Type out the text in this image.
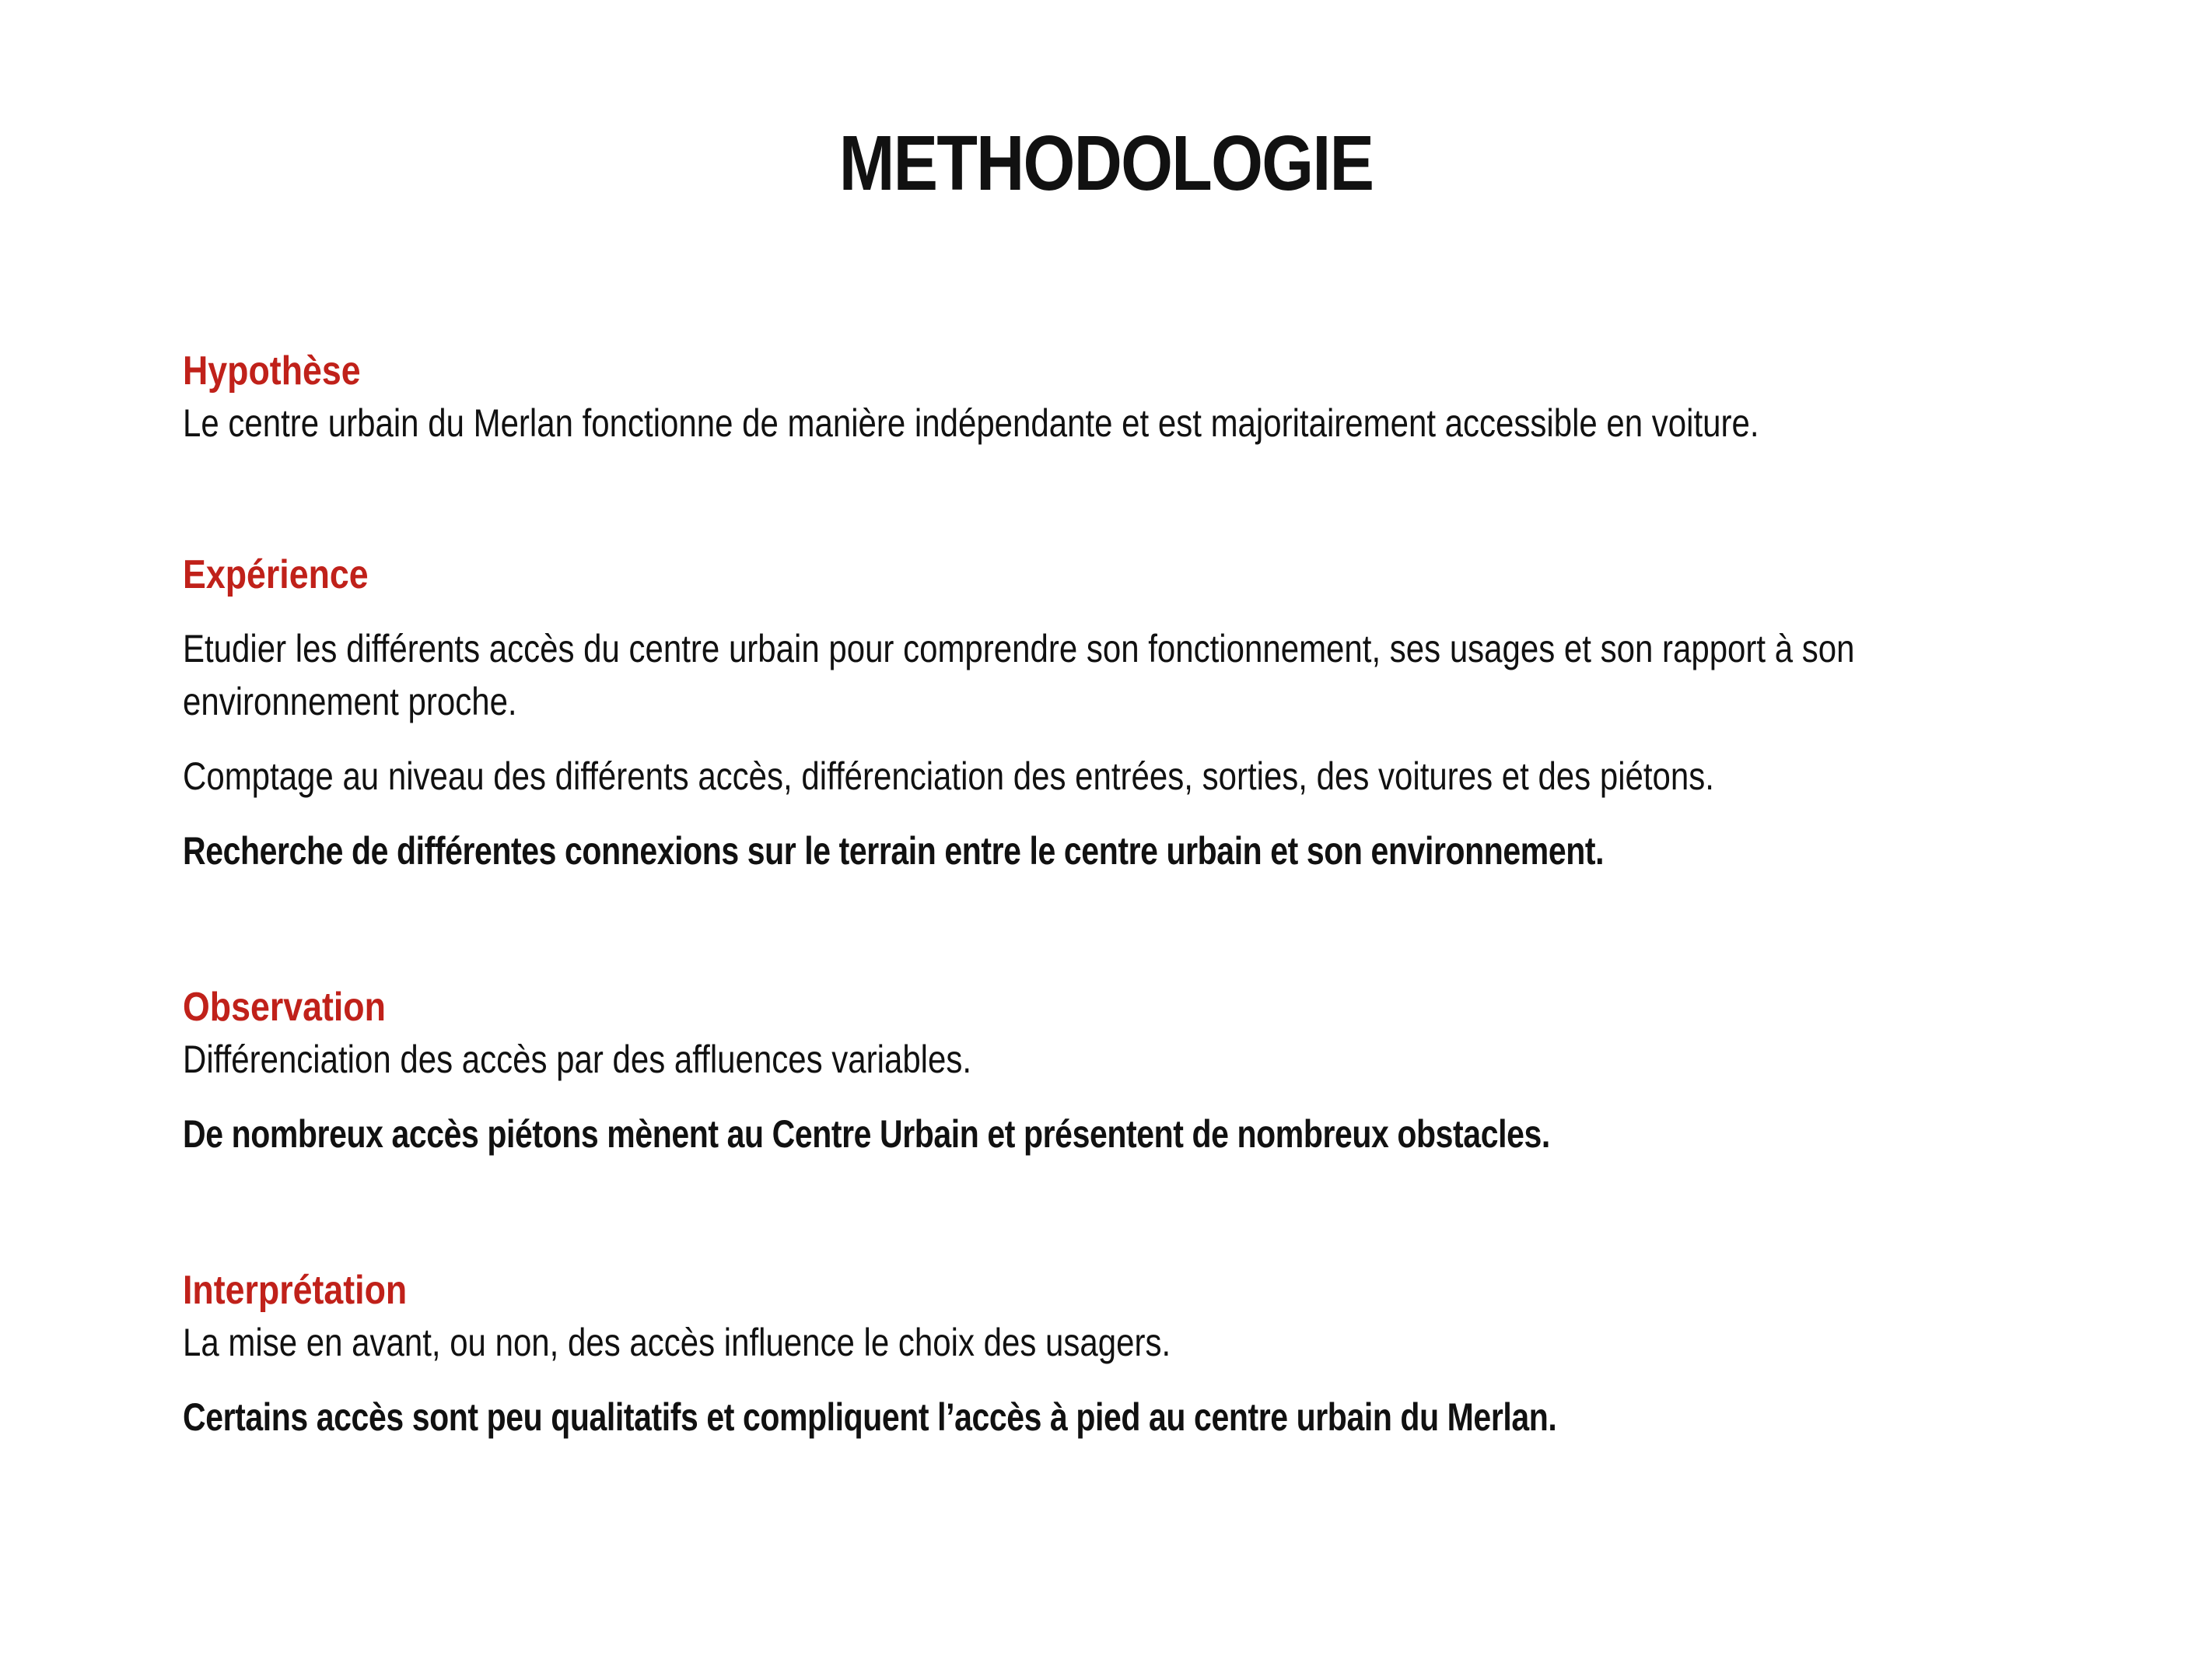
METHODOLOGIE
Hypothèse

Le centre urbain du Merlan fonctionne de manière indépendante et est majoritairement accessible en voiture.

Expérience

Etudier les différents accès du centre urbain pour comprendre son fonctionnement, ses usages et son rapport à son environnement proche.

Comptage au niveau des différents accès, différenciation des entrées, sorties, des voitures et des piétons.

Recherche de différentes connexions sur le terrain entre le centre urbain et son environnement.

Observation

Différenciation des accès par des affluences variables.

De nombreux accès piétons mènent au Centre Urbain et présentent de nombreux obstacles.

Interprétation

La mise en avant, ou non, des accès influence le choix des usagers.

Certains accès sont peu qualitatifs et compliquent l’accès à pied au centre urbain du Merlan.
